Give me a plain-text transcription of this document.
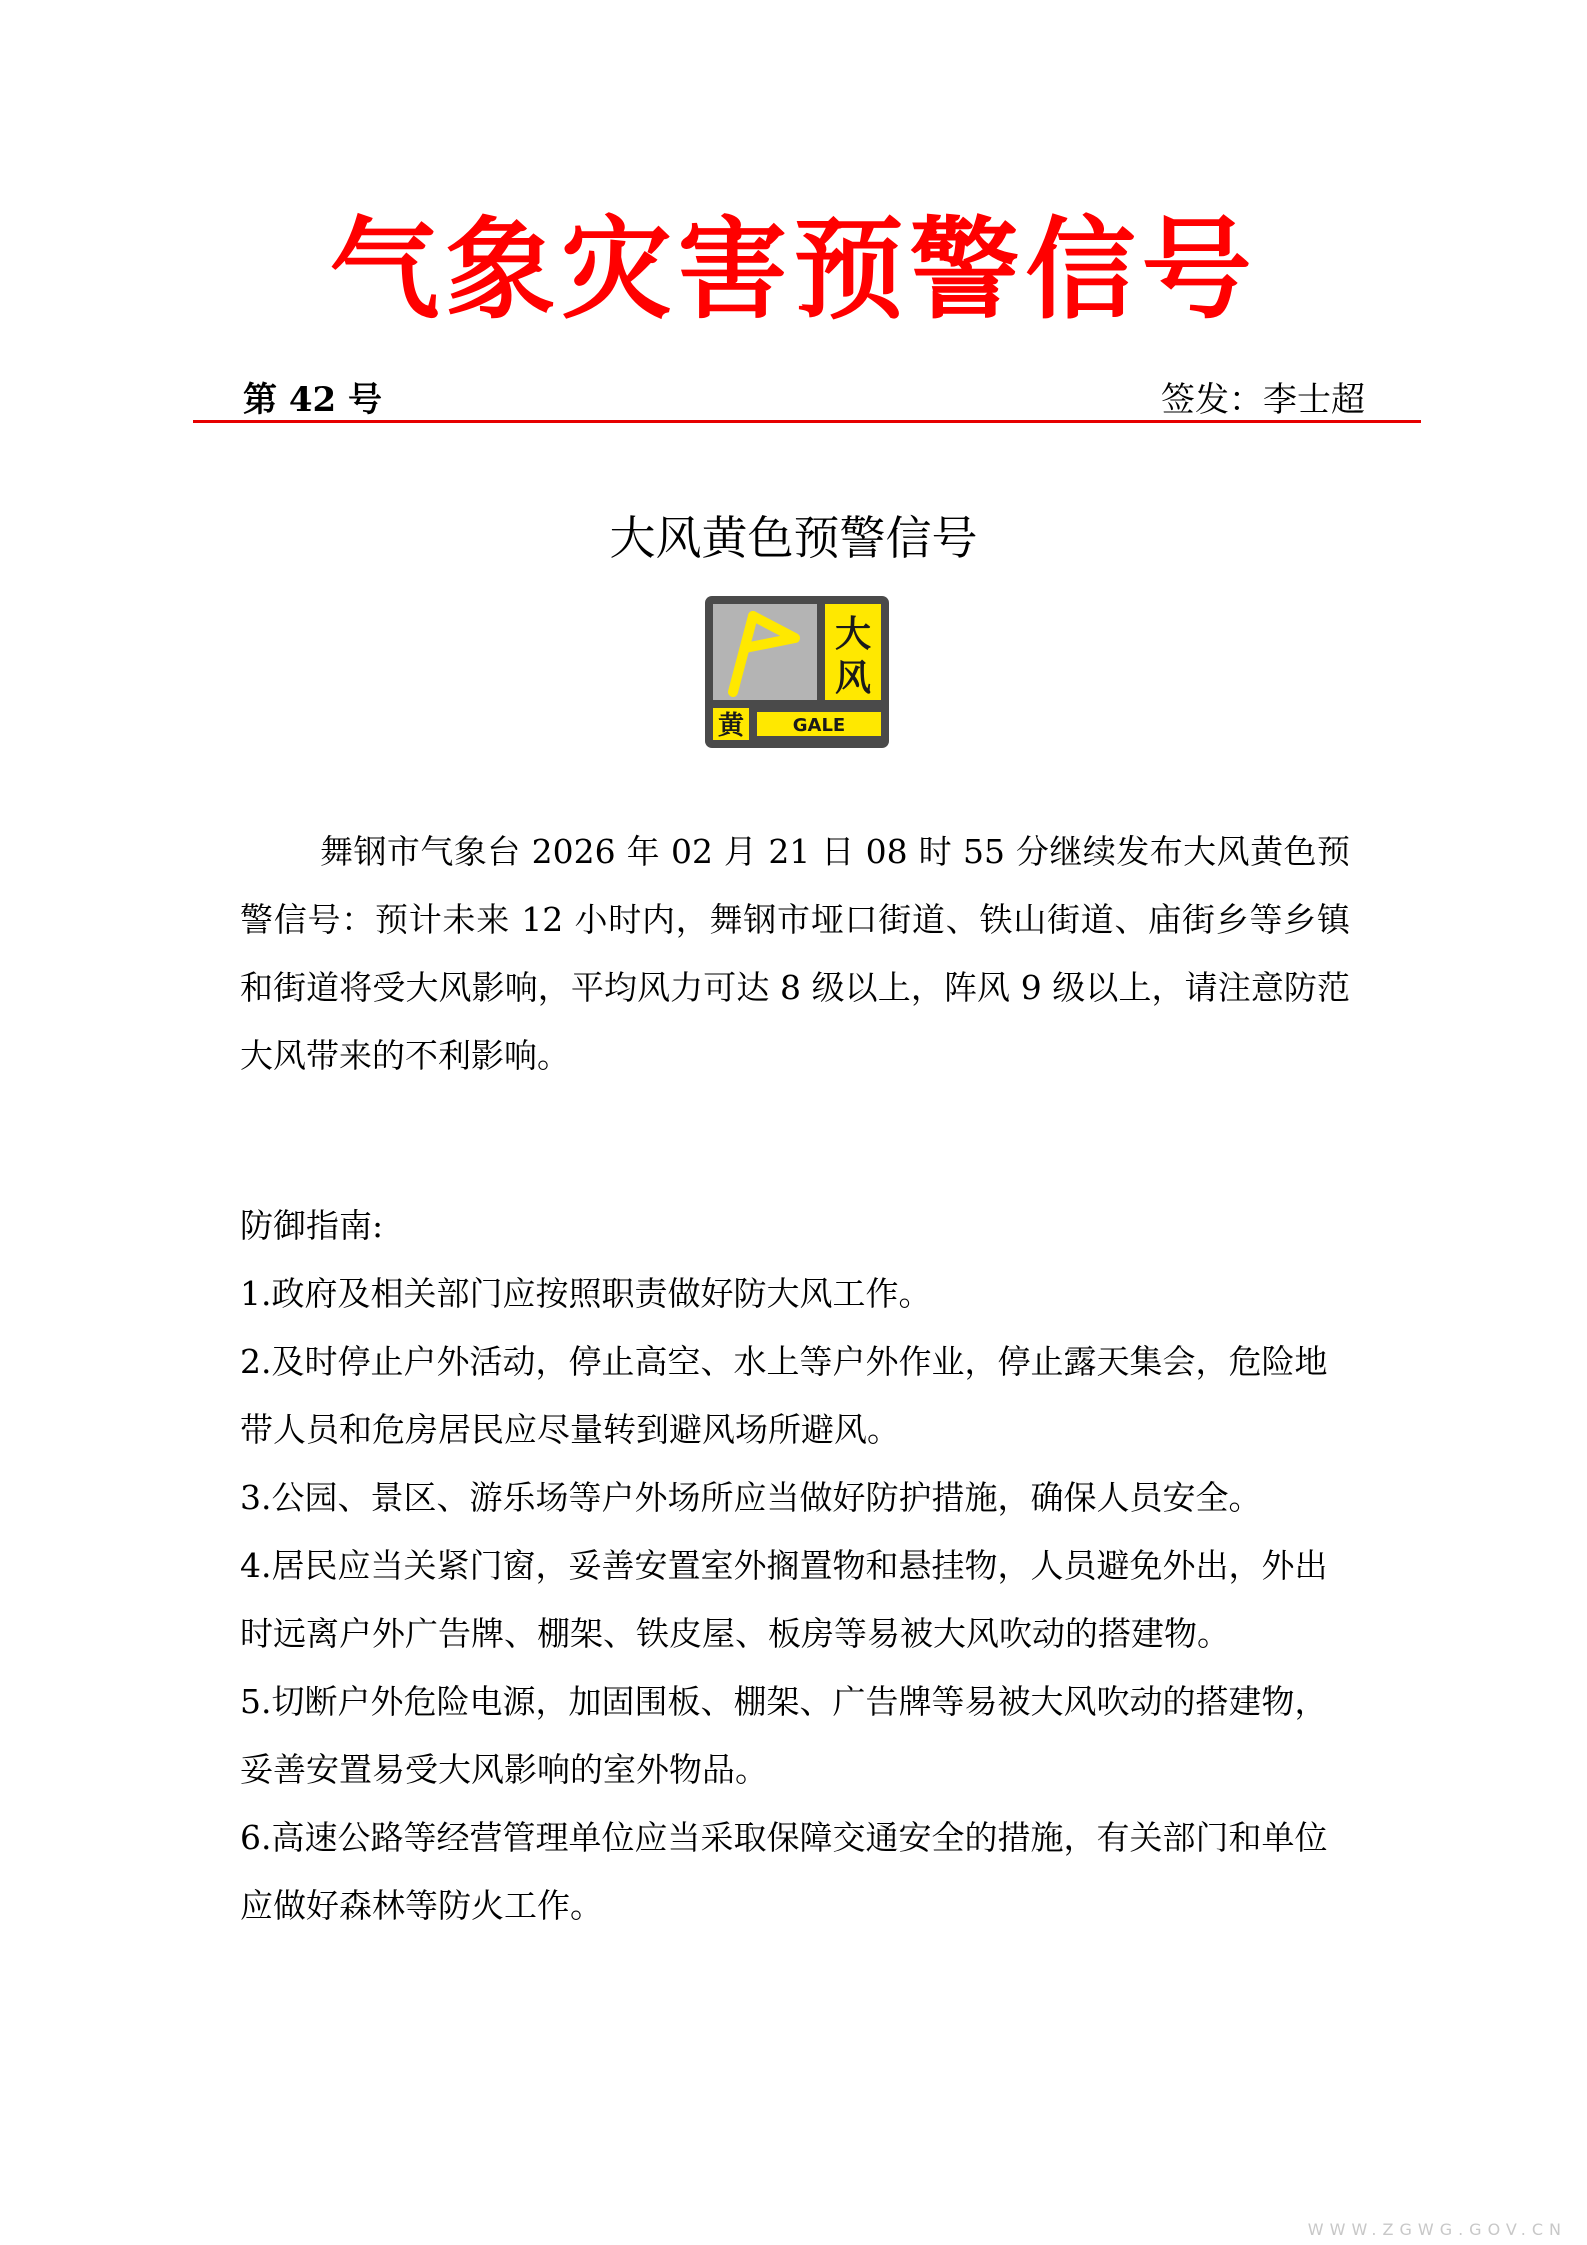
气象灾害预警信号
第 42 号	签发：李士超
大风黄色预警信号
大
风
黄	GALE

舞钢市气象台 2026 年 02 月 21 日 08 时 55 分继续发布大风黄色预警信号：预计未来 12 小时内，舞钢市垭口街道、铁山街道、庙街乡等乡镇和街道将受大风影响，平均风力可达 8 级以上，阵风 9 级以上，请注意防范大风带来的不利影响。

防御指南:

1.政府及相关部门应按照职责做好防大风工作。

2.及时停止户外活动，停止高空、水上等户外作业，停止露天集会，危险地带人员和危房居民应尽量转到避风场所避风。

3.公园、景区、游乐场等户外场所应当做好防护措施，确保人员安全。

4.居民应当关紧门窗，妥善安置室外搁置物和悬挂物，人员避免外出，外出时远离户外广告牌、棚架、铁皮屋、板房等易被大风吹动的搭建物。

5.切断户外危险电源，加固围板、棚架、广告牌等易被大风吹动的搭建物，妥善安置易受大风影响的室外物品。

6.高速公路等经营管理单位应当采取保障交通安全的措施，有关部门和单位应做好森林等防火工作。

WWW.ZGWG.GOV.CN
